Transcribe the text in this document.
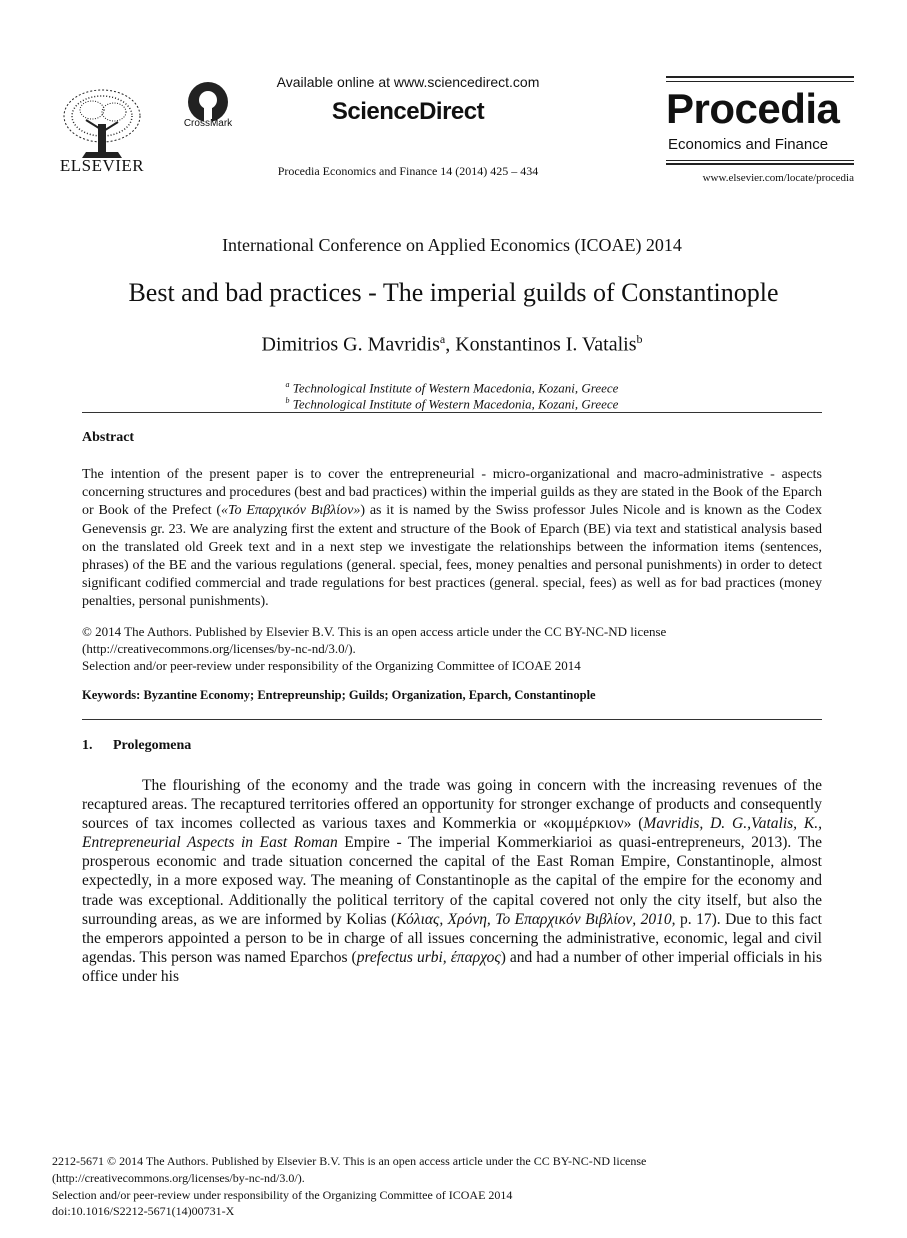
ELSEVIER
CrossMark
Available online at www.sciencedirect.com
ScienceDirect
Procedia Economics and Finance 14 (2014) 425 – 434
Procedia
Economics and Finance
www.elsevier.com/locate/procedia
International Conference on Applied Economics (ICOAE) 2014
Best and bad practices - The imperial guilds of Constantinople
Dimitrios G. Mavridis$^a$, Konstantinos I. Vatalis$^b$
$^a$ Technological Institute of Western Macedonia, Kozani, Greece
$^b$ Technological Institute of Western Macedonia, Kozani, Greece
Abstract
The intention of the present paper is to cover the entrepreneurial - micro-organizational and macro-administrative - aspects concerning structures and procedures (best and bad practices) within the imperial guilds as they are stated in the Book of the Eparch or Book of the Prefect («Το Επαρχικόν Βιβλίον») as it is named by the Swiss professor Jules Nicole and is known as the Codex Genevensis gr. 23. We are analyzing first the extent and structure of the Book of Eparch (BE) via text and statistical analysis based on the translated old Greek text and in a next step we investigate the relationships between the information items (sentences, phrases) of the BE and the various regulations (general. special, fees, money penalties and personal punishments) in order to detect significant codified commercial and trade regulations for best practices (general. special, fees) as well as for bad practices (money penalties, personal punishments).
© 2014 The Authors. Published by Elsevier B.V. This is an open access article under the CC BY-NC-ND license
(http://creativecommons.org/licenses/by-nc-nd/3.0/).
Selection and/or peer-review under responsibility of the Organizing Committee of ICOAE 2014
Keywords: Byzantine Economy; Entrepreunship; Guilds; Organization, Eparch, Constantinople
1. Prolegomena
The flourishing of the economy and the trade was going in concern with the increasing revenues of the recaptured areas. The recaptured territories offered an opportunity for stronger exchange of products and consequently sources of tax incomes collected as various taxes and Kommerkia or «κομμέρκιον» (Mavridis, D. G.,Vatalis, K., Entrepreneurial Aspects in East Roman Empire - The imperial Kommerkiarioi as quasi-entrepreneurs, 2013). The prosperous economic and trade situation concerned the capital of the East Roman Empire, Constantinople, almost expectedly, in a more exposed way. The meaning of Constantinople as the capital of the empire for the economy and trade was exceptional. Additionally the political territory of the capital covered not only the city itself, but also the surrounding areas, as we are informed by Kolias (Κόλιας, Χρόνη, Το Επαρχικόν Βιβλίον, 2010, p. 17). Due to this fact the emperors appointed a person to be in charge of all issues concerning the administrative, economic, legal and civil agendas. This person was named Eparchos (prefectus urbi, έπαρχος) and had a number of other imperial officials in his office under his
2212-5671 © 2014 The Authors. Published by Elsevier B.V. This is an open access article under the CC BY-NC-ND license
(http://creativecommons.org/licenses/by-nc-nd/3.0/).
Selection and/or peer-review under responsibility of the Organizing Committee of ICOAE 2014
doi:10.1016/S2212-5671(14)00731-X
